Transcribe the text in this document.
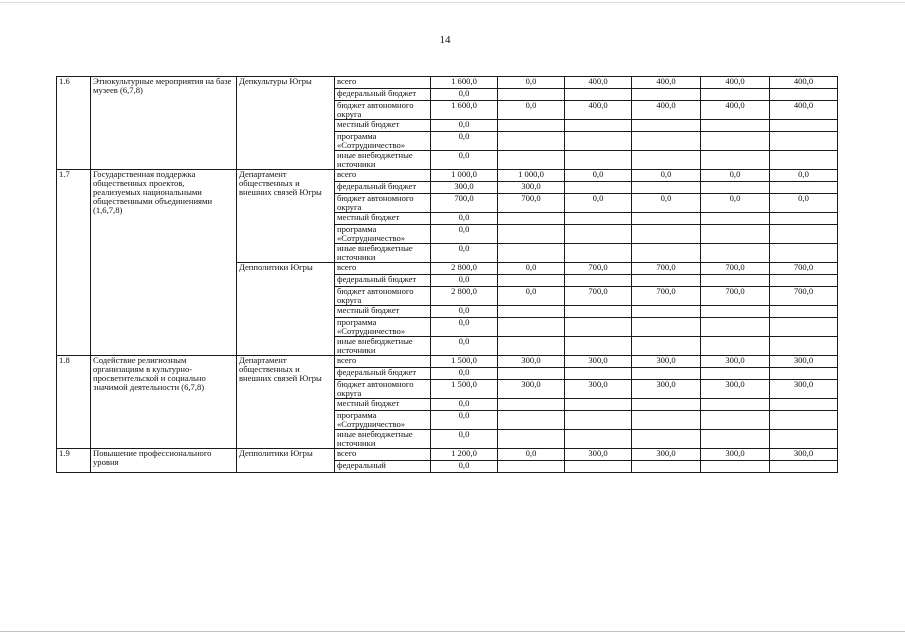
14
1.6	Этнокультурные мероприятия на базе музеев (6,7,8)	Депкультуры Югры	всего	1 600,0	0,0	400,0	400,0	400,0	400,0
			федеральный бюджет	0,0					
			бюджет автономного округа	1 600,0	0,0	400,0	400,0	400,0	400,0
			местный бюджет	0,0					
			программа «Сотрудничество»	0,0					
			иные внебюджетные источники	0,0					
1.7	Государственная поддержка общественных проектов, реализуемых национальными общественными объединениями (1,6,7,8)	Департамент общественных и внешних связей Югры	всего	1 000,0	1 000,0	0,0	0,0	0,0	0,0
			федеральный бюджет	300,0	300,0				
			бюджет автономного округа	700,0	700,0	0,0	0,0	0,0	0,0
			местный бюджет	0,0					
			программа «Сотрудничество»	0,0					
			иные внебюджетные источники	0,0					
		Депполитики Югры	всего	2 800,0	0,0	700,0	700,0	700,0	700,0
			федеральный бюджет	0,0					
			бюджет автономного округа	2 800,0	0,0	700,0	700,0	700,0	700,0
			местный бюджет	0,0					
			программа «Сотрудничество»	0,0					
			иные внебюджетные источники	0,0					
1.8	Содействие религиозным организациям в культурно-просветительской и социально значимой деятельности (6,7,8)	Департамент общественных и внешних связей Югры	всего	1 500,0	300,0	300,0	300,0	300,0	300,0
			федеральный бюджет	0,0					
			бюджет автономного округа	1 500,0	300,0	300,0	300,0	300,0	300,0
			местный бюджет	0,0					
			программа «Сотрудничество»	0,0					
			иные внебюджетные источники	0,0					
1.9	Повышение профессионального уровня	Депполитики Югры	всего	1 200,0	0,0	300,0	300,0	300,0	300,0
			федеральный	0,0					
